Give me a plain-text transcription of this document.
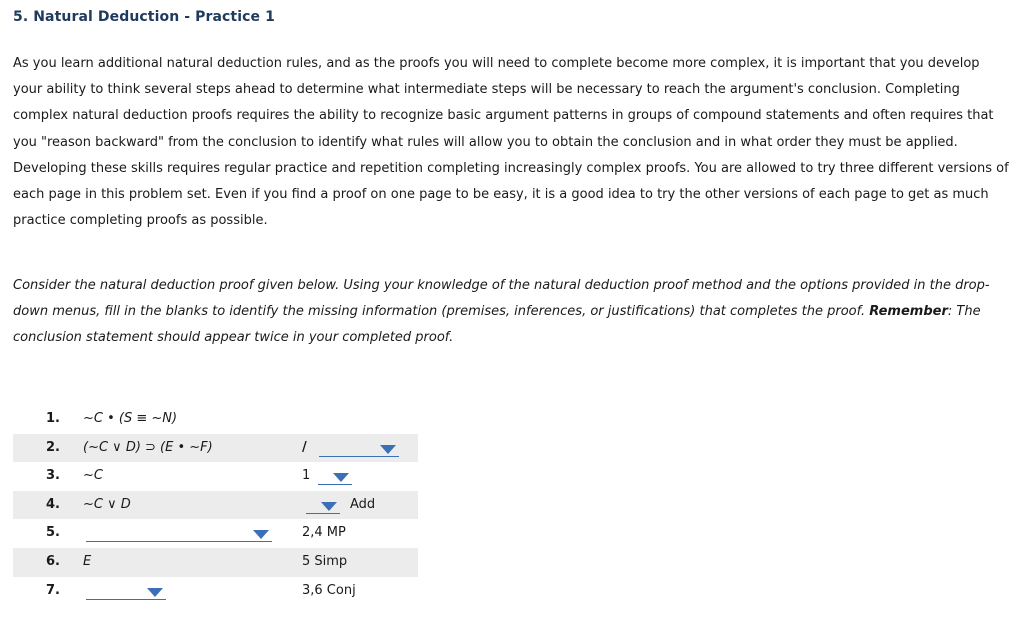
5. Natural Deduction - Practice 1

As you learn additional natural deduction rules, and as the proofs you will need to complete become more complex, it is important that you develop your ability to think several steps ahead to determine what intermediate steps will be necessary to reach the argument's conclusion. Completing complex natural deduction proofs requires the ability to recognize basic argument patterns in groups of compound statements and often requires that you "reason backward" from the conclusion to identify what rules will allow you to obtain the conclusion and in what order they must be applied. Developing these skills requires regular practice and repetition completing increasingly complex proofs. You are allowed to try three different versions of each page in this problem set. Even if you find a proof on one page to be easy, it is a good idea to try the other versions of each page to get as much practice completing proofs as possible.

Consider the natural deduction proof given below. Using your knowledge of the natural deduction proof method and the options provided in the drop-down menus, fill in the blanks to identify the missing information (premises, inferences, or justifications) that completes the proof. Remember: The conclusion statement should appear twice in your completed proof.

1. ~C • (S ≡ ~N)
2. (~C ∨ D) ⊃ (E • ~F)	/
3. ~C	1
4. ~C ∨ D	Add
5.	2,4 MP
6. E	5 Simp
7.	3,6 Conj
